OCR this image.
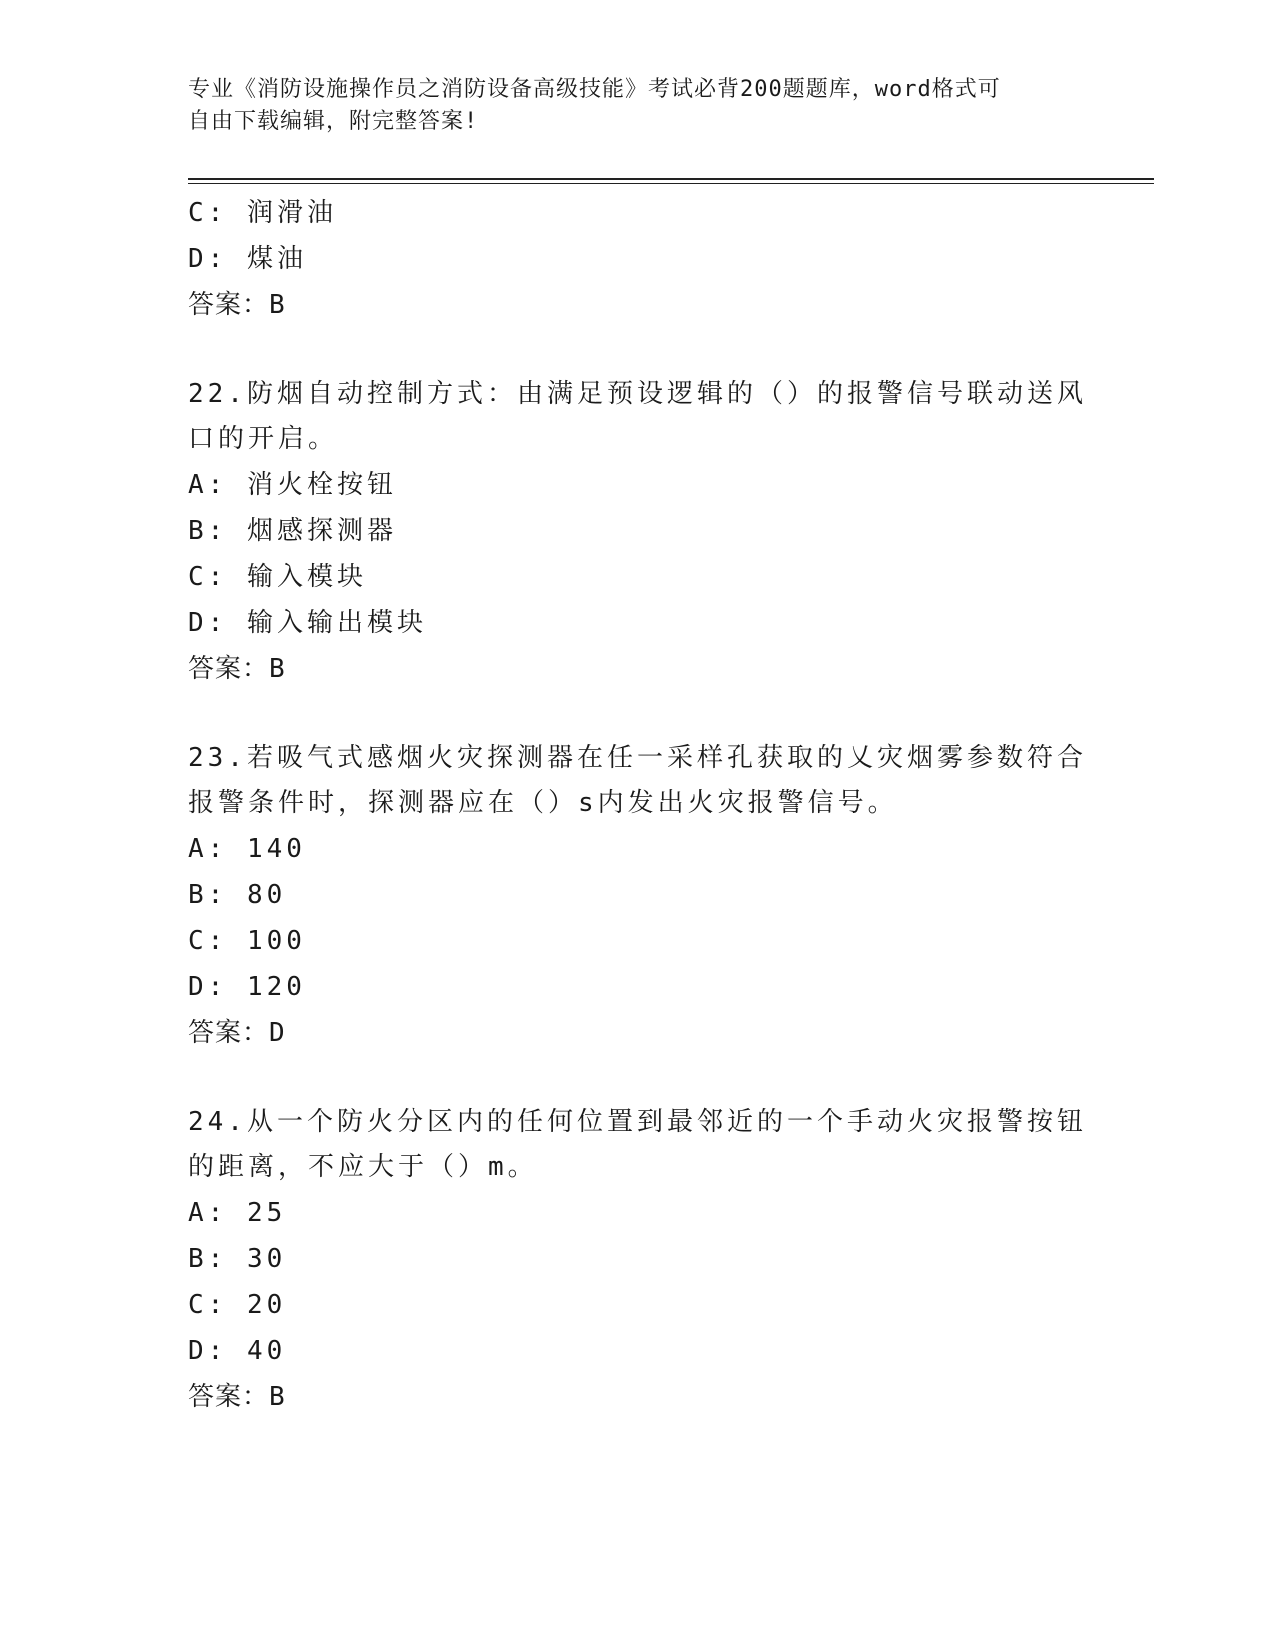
专业《消防设施操作员之消防设备高级技能》考试必背200题题库，word格式可
自由下载编辑，附完整答案!
C: 润滑油
D: 煤油
答案：B
22.防烟自动控制方式：由满足预设逻辑的（）的报警信号联动送风口的开启。
A: 消火栓按钮
B: 烟感探测器
C: 输入模块
D: 输入输出模块
答案：B
23.若吸气式感烟火灾探测器在任一采样孔获取的乂灾烟雾参数符合报警条件时，探测器应在（）s内发出火灾报警信号。
A: 140
B: 80
C: 100
D: 120
答案：D
24.从一个防火分区内的任何位置到最邻近的一个手动火灾报警按钮的距离，不应大于（）m。
A: 25
B: 30
C: 20
D: 40
答案：B
